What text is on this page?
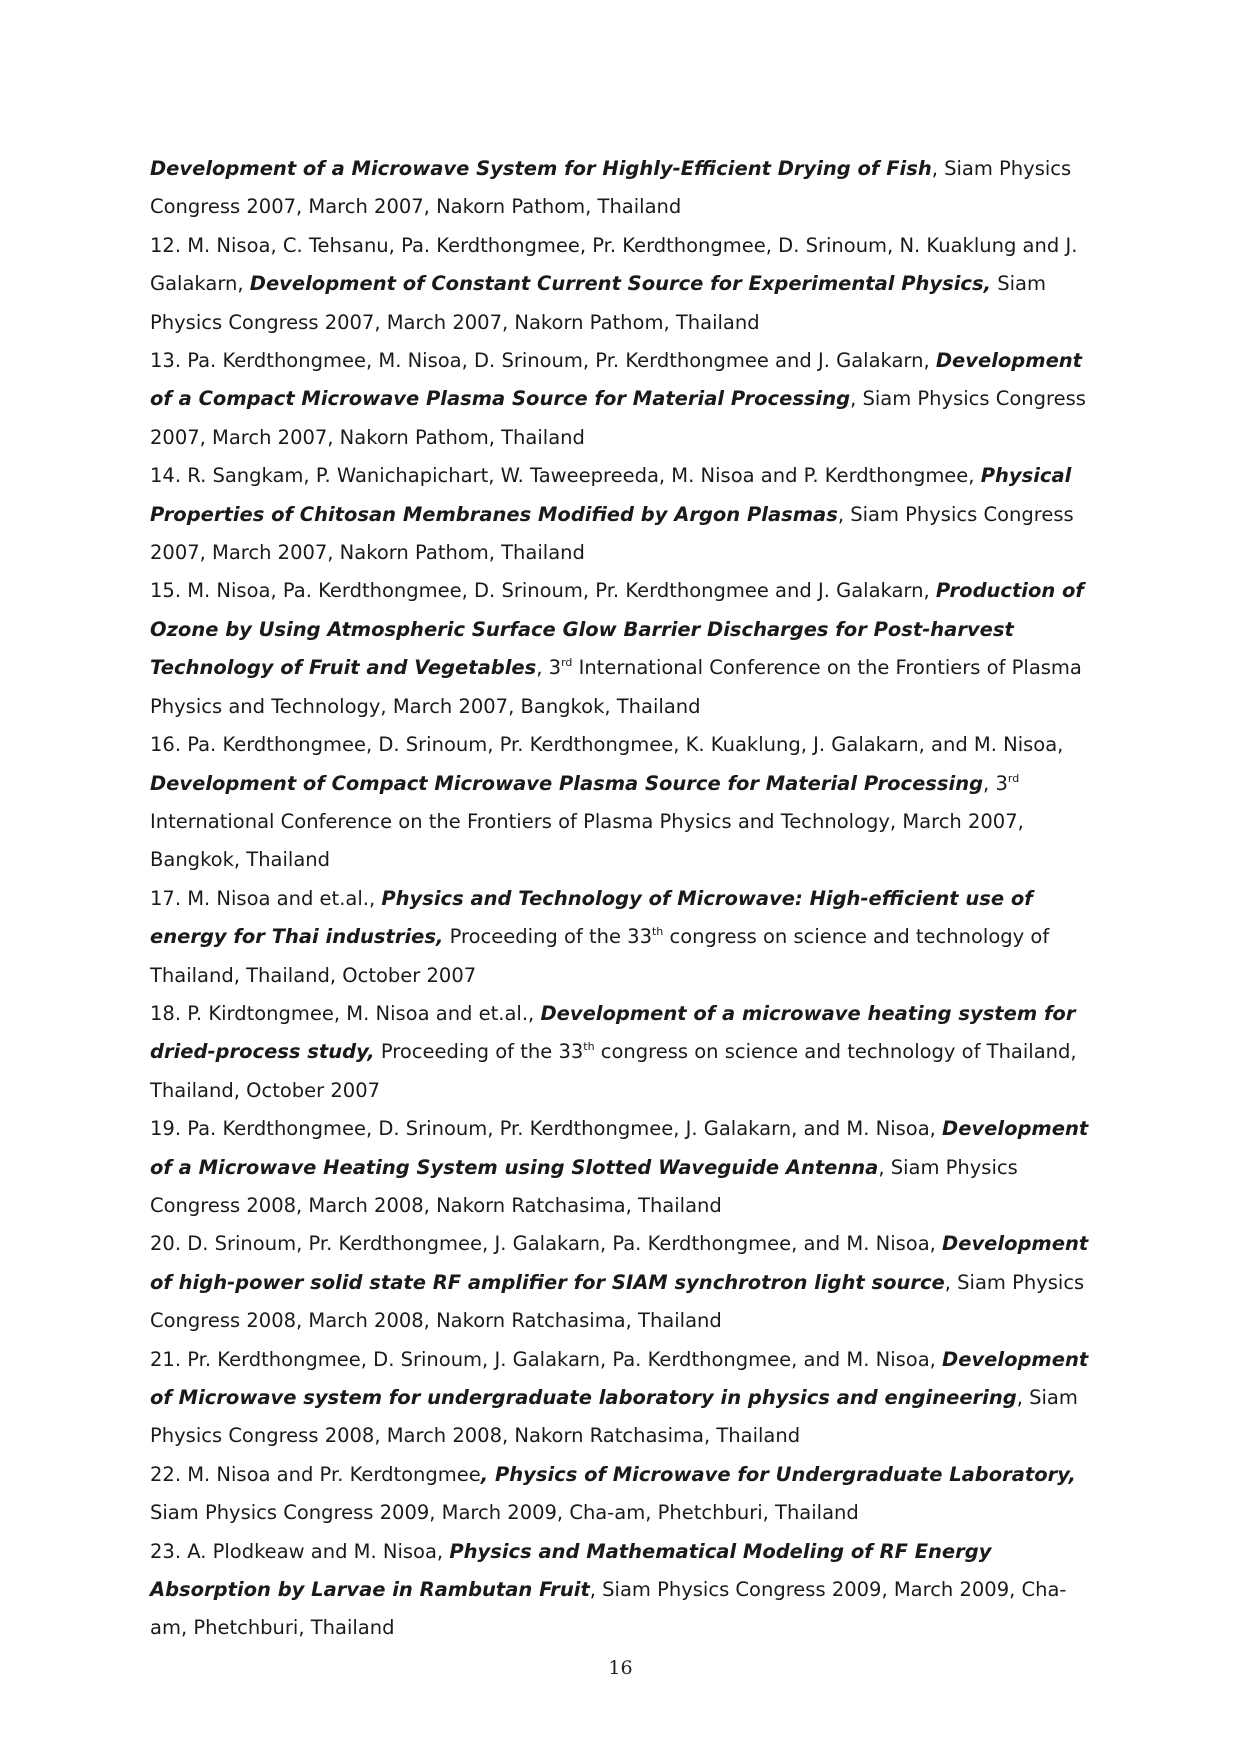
Development of a Microwave System for Highly-Efficient Drying of Fish, Siam Physics Congress 2007, March 2007, Nakorn Pathom, Thailand

12. M. Nisoa, C. Tehsanu, Pa. Kerdthongmee, Pr. Kerdthongmee, D. Srinoum, N. Kuaklung and J. Galakarn, Development of Constant Current Source for Experimental Physics, Siam Physics Congress 2007, March 2007, Nakorn Pathom, Thailand

13. Pa. Kerdthongmee, M. Nisoa, D. Srinoum, Pr. Kerdthongmee and J. Galakarn, Development of a Compact Microwave Plasma Source for Material Processing, Siam Physics Congress 2007, March 2007, Nakorn Pathom, Thailand

14. R. Sangkam, P. Wanichapichart, W. Taweepreeda, M. Nisoa and P. Kerdthongmee, Physical Properties of Chitosan Membranes Modified by Argon Plasmas, Siam Physics Congress 2007, March 2007, Nakorn Pathom, Thailand

15. M. Nisoa, Pa. Kerdthongmee, D. Srinoum, Pr. Kerdthongmee and J. Galakarn, Production of Ozone by Using Atmospheric Surface Glow Barrier Discharges for Post-harvest Technology of Fruit and Vegetables, 3rd International Conference on the Frontiers of Plasma Physics and Technology, March 2007, Bangkok, Thailand

16. Pa. Kerdthongmee, D. Srinoum, Pr. Kerdthongmee, K. Kuaklung, J. Galakarn, and M. Nisoa, Development of Compact Microwave Plasma Source for Material Processing, 3rd International Conference on the Frontiers of Plasma Physics and Technology, March 2007, Bangkok, Thailand

17. M. Nisoa and et.al., Physics and Technology of Microwave: High-efficient use of energy for Thai industries, Proceeding of the 33th congress on science and technology of Thailand, Thailand, October 2007

18. P. Kirdtongmee, M. Nisoa and et.al., Development of a microwave heating system for dried-process study, Proceeding of the 33th congress on science and technology of Thailand, Thailand, October 2007

19. Pa. Kerdthongmee, D. Srinoum, Pr. Kerdthongmee, J. Galakarn, and M. Nisoa, Development of a Microwave Heating System using Slotted Waveguide Antenna, Siam Physics Congress 2008, March 2008, Nakorn Ratchasima, Thailand

20. D. Srinoum, Pr. Kerdthongmee, J. Galakarn, Pa. Kerdthongmee, and M. Nisoa, Development of high-power solid state RF amplifier for SIAM synchrotron light source, Siam Physics Congress 2008, March 2008, Nakorn Ratchasima, Thailand

21. Pr. Kerdthongmee, D. Srinoum, J. Galakarn, Pa. Kerdthongmee, and M. Nisoa, Development of Microwave system for undergraduate laboratory in physics and engineering, Siam Physics Congress 2008, March 2008, Nakorn Ratchasima, Thailand

22. M. Nisoa and Pr. Kerdtongmee, Physics of Microwave for Undergraduate Laboratory, Siam Physics Congress 2009, March 2009, Cha-am, Phetchburi, Thailand

23. A. Plodkeaw and M. Nisoa, Physics and Mathematical Modeling of RF Energy Absorption by Larvae in Rambutan Fruit, Siam Physics Congress 2009, March 2009, Cha-am, Phetchburi, Thailand

16
